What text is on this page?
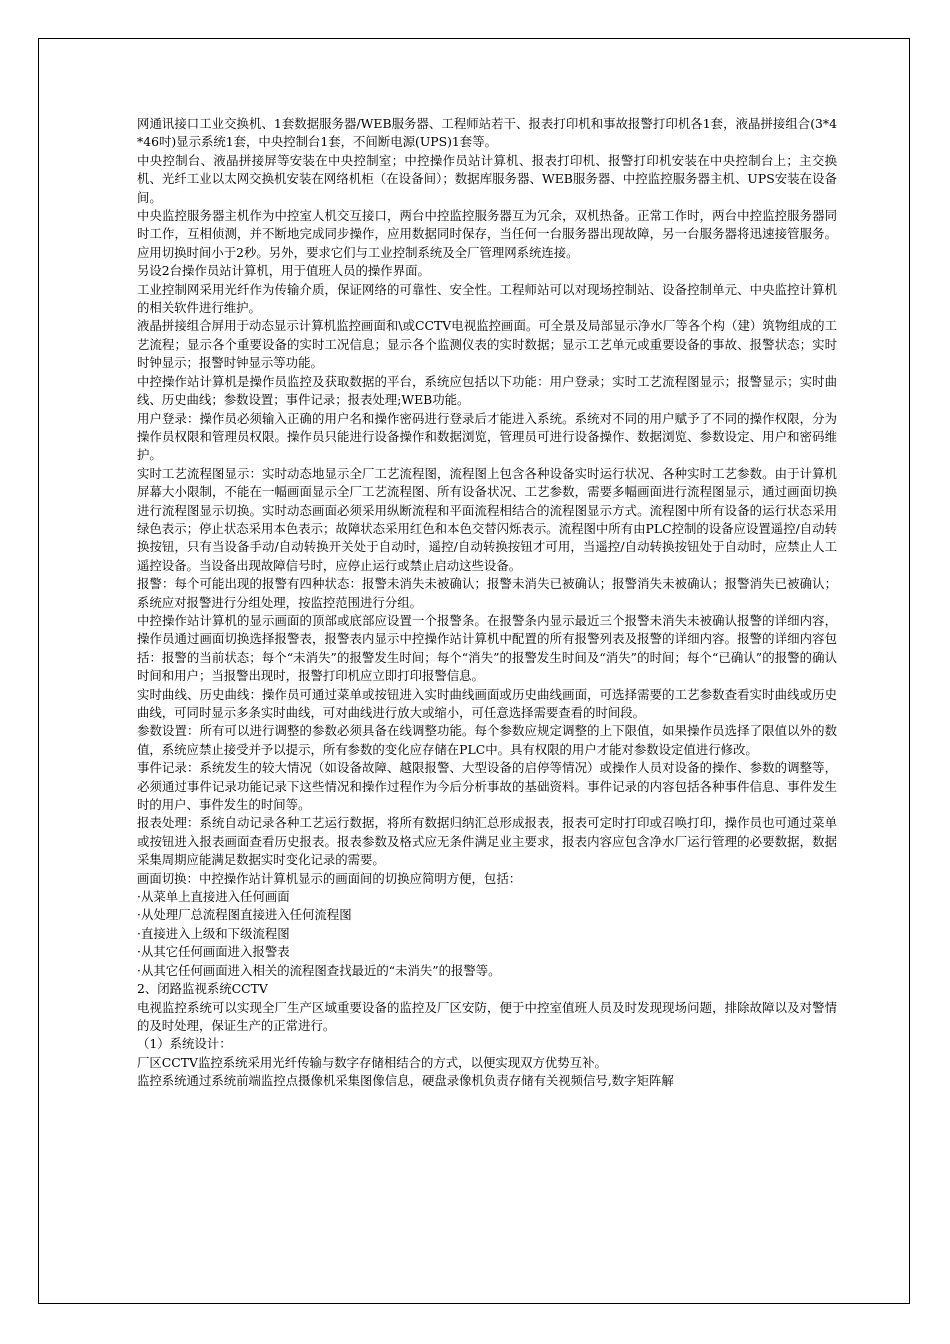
网通讯接口工业交换机、1套数据服务器/WEB服务器、工程师站若干、报表打印机和事故报警打印机各1套，液晶拼接组合(3*4*46吋)显示系统1套，中央控制台1套，不间断电源(UPS)1套等。

中央控制台、液晶拼接屏等安装在中央控制室；中控操作员站计算机、报表打印机、报警打印机安装在中央控制台上；主交换机、光纤工业以太网交换机安装在网络机柜（在设备间）；数据库服务器、WEB服务器、中控监控服务器主机、UPS安装在设备间。

中央监控服务器主机作为中控室人机交互接口，两台中控监控服务器互为冗余，双机热备。正常工作时，两台中控监控服务器同时工作，互相侦测，并不断地完成同步操作，应用数据同时保存，当任何一台服务器出现故障，另一台服务器将迅速接管服务。应用切换时间小于2秒。另外，要求它们与工业控制系统及全厂管理网系统连接。

另设2台操作员站计算机，用于值班人员的操作界面。

工业控制网采用光纤作为传输介质，保证网络的可靠性、安全性。工程师站可以对现场控制站、设备控制单元、中央监控计算机的相关软件进行维护。

液晶拼接组合屏用于动态显示计算机监控画面和\或CCTV电视监控画面。可全景及局部显示净水厂等各个构（建）筑物组成的工艺流程；显示各个重要设备的实时工况信息；显示各个监测仪表的实时数据；显示工艺单元或重要设备的事故、报警状态；实时时钟显示；报警时钟显示等功能。

中控操作站计算机是操作员监控及获取数据的平台，系统应包括以下功能：用户登录；实时工艺流程图显示；报警显示；实时曲线、历史曲线；参数设置；事件记录；报表处理;WEB功能。

用户登录：操作员必须输入正确的用户名和操作密码进行登录后才能进入系统。系统对不同的用户赋予了不同的操作权限，分为操作员权限和管理员权限。操作员只能进行设备操作和数据浏览，管理员可进行设备操作、数据浏览、参数设定、用户和密码维护。

实时工艺流程图显示：实时动态地显示全厂工艺流程图，流程图上包含各种设备实时运行状况、各种实时工艺参数。由于计算机屏幕大小限制，不能在一幅画面显示全厂工艺流程图、所有设备状况、工艺参数，需要多幅画面进行流程图显示，通过画面切换进行流程图显示切换。实时动态画面必须采用纵断流程和平面流程相结合的流程图显示方式。流程图中所有设备的运行状态采用绿色表示；停止状态采用本色表示；故障状态采用红色和本色交替闪烁表示。流程图中所有由PLC控制的设备应设置遥控/自动转换按钮，只有当设备手动/自动转换开关处于自动时，遥控/自动转换按钮才可用，当遥控/自动转换按钮处于自动时，应禁止人工遥控设备。当设备出现故障信号时，应停止运行或禁止启动这些设备。

报警：每个可能出现的报警有四种状态：报警未消失未被确认；报警未消失已被确认；报警消失未被确认；报警消失已被确认；系统应对报警进行分组处理，按监控范围进行分组。

中控操作站计算机的显示画面的顶部或底部应设置一个报警条。在报警条内显示最近三个报警未消失未被确认报警的详细内容，操作员通过画面切换选择报警表，报警表内显示中控操作站计算机中配置的所有报警列表及报警的详细内容。报警的详细内容包括：报警的当前状态；每个“未消失”的报警发生时间；每个“消失”的报警发生时间及“消失”的时间；每个“已确认”的报警的确认时间和用户；当报警出现时，报警打印机应立即打印报警信息。

实时曲线、历史曲线：操作员可通过菜单或按钮进入实时曲线画面或历史曲线画面，可选择需要的工艺参数查看实时曲线或历史曲线，可同时显示多条实时曲线，可对曲线进行放大或缩小，可任意选择需要查看的时间段。

参数设置：所有可以进行调整的参数必须具备在线调整功能。每个参数应规定调整的上下限值，如果操作员选择了限值以外的数值，系统应禁止接受并予以提示，所有参数的变化应存储在PLC中。具有权限的用户才能对参数设定值进行修改。

事件记录：系统发生的较大情况（如设备故障、越限报警、大型设备的启停等情况）或操作人员对设备的操作、参数的调整等，必须通过事件记录功能记录下这些情况和操作过程作为今后分析事故的基础资料。事件记录的内容包括各种事件信息、事件发生时的用户、事件发生的时间等。

报表处理：系统自动记录各种工艺运行数据，将所有数据归纳汇总形成报表，报表可定时打印或召唤打印，操作员也可通过菜单或按钮进入报表画面查看历史报表。报表参数及格式应无条件满足业主要求，报表内容应包含净水厂运行管理的必要数据，数据采集周期应能满足数据实时变化记录的需要。

画面切换：中控操作站计算机显示的画面间的切换应简明方便，包括：

·从菜单上直接进入任何画面

·从处理厂总流程图直接进入任何流程图

·直接进入上级和下级流程图

·从其它任何画面进入报警表

·从其它任何画面进入相关的流程图查找最近的“未消失”的报警等。

2、闭路监视系统CCTV

电视监控系统可以实现全厂生产区域重要设备的监控及厂区安防，便于中控室值班人员及时发现现场问题，排除故障以及对警情的及时处理，保证生产的正常进行。

（1）系统设计：

厂区CCTV监控系统采用光纤传输与数字存储相结合的方式，以便实现双方优势互补。

监控系统通过系统前端监控点摄像机采集图像信息，硬盘录像机负责存储有关视频信号,数字矩阵解
